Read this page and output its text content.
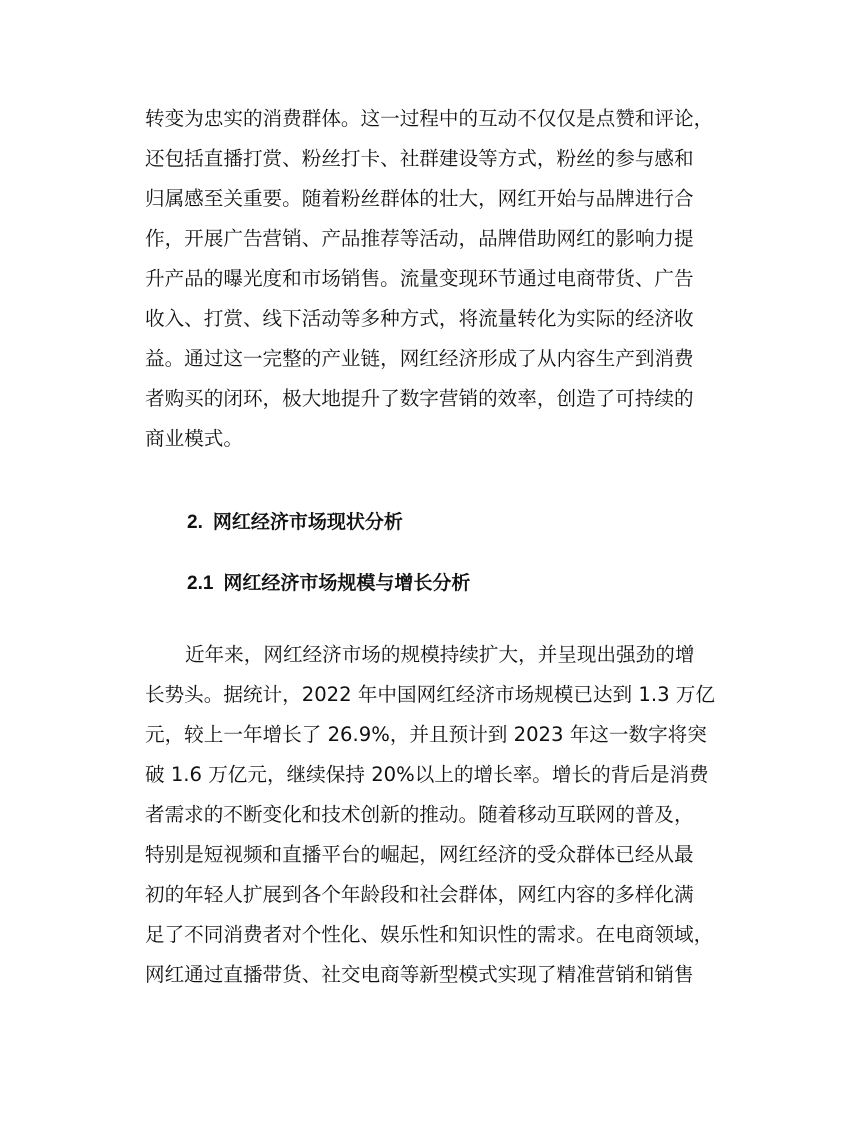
转变为忠实的消费群体。这一过程中的互动不仅仅是点赞和评论，
还包括直播打赏、粉丝打卡、社群建设等方式，粉丝的参与感和
归属感至关重要。随着粉丝群体的壮大，网红开始与品牌进行合
作，开展广告营销、产品推荐等活动，品牌借助网红的影响力提
升产品的曝光度和市场销售。流量变现环节通过电商带货、广告
收入、打赏、线下活动等多种方式，将流量转化为实际的经济收
益。通过这一完整的产业链，网红经济形成了从内容生产到消费
者购买的闭环，极大地提升了数字营销的效率，创造了可持续的
商业模式。
2. 网红经济市场现状分析
2.1 网红经济市场规模与增长分析
近年来，网红经济市场的规模持续扩大，并呈现出强劲的增
长势头。据统计，2022 年中国网红经济市场规模已达到 1.3 万亿
元，较上一年增长了 26.9%，并且预计到 2023 年这一数字将突
破 1.6 万亿元，继续保持 20%以上的增长率。增长的背后是消费
者需求的不断变化和技术创新的推动。随着移动互联网的普及，
特别是短视频和直播平台的崛起，网红经济的受众群体已经从最
初的年轻人扩展到各个年龄段和社会群体，网红内容的多样化满
足了不同消费者对个性化、娱乐性和知识性的需求。在电商领域，
网红通过直播带货、社交电商等新型模式实现了精准营销和销售
